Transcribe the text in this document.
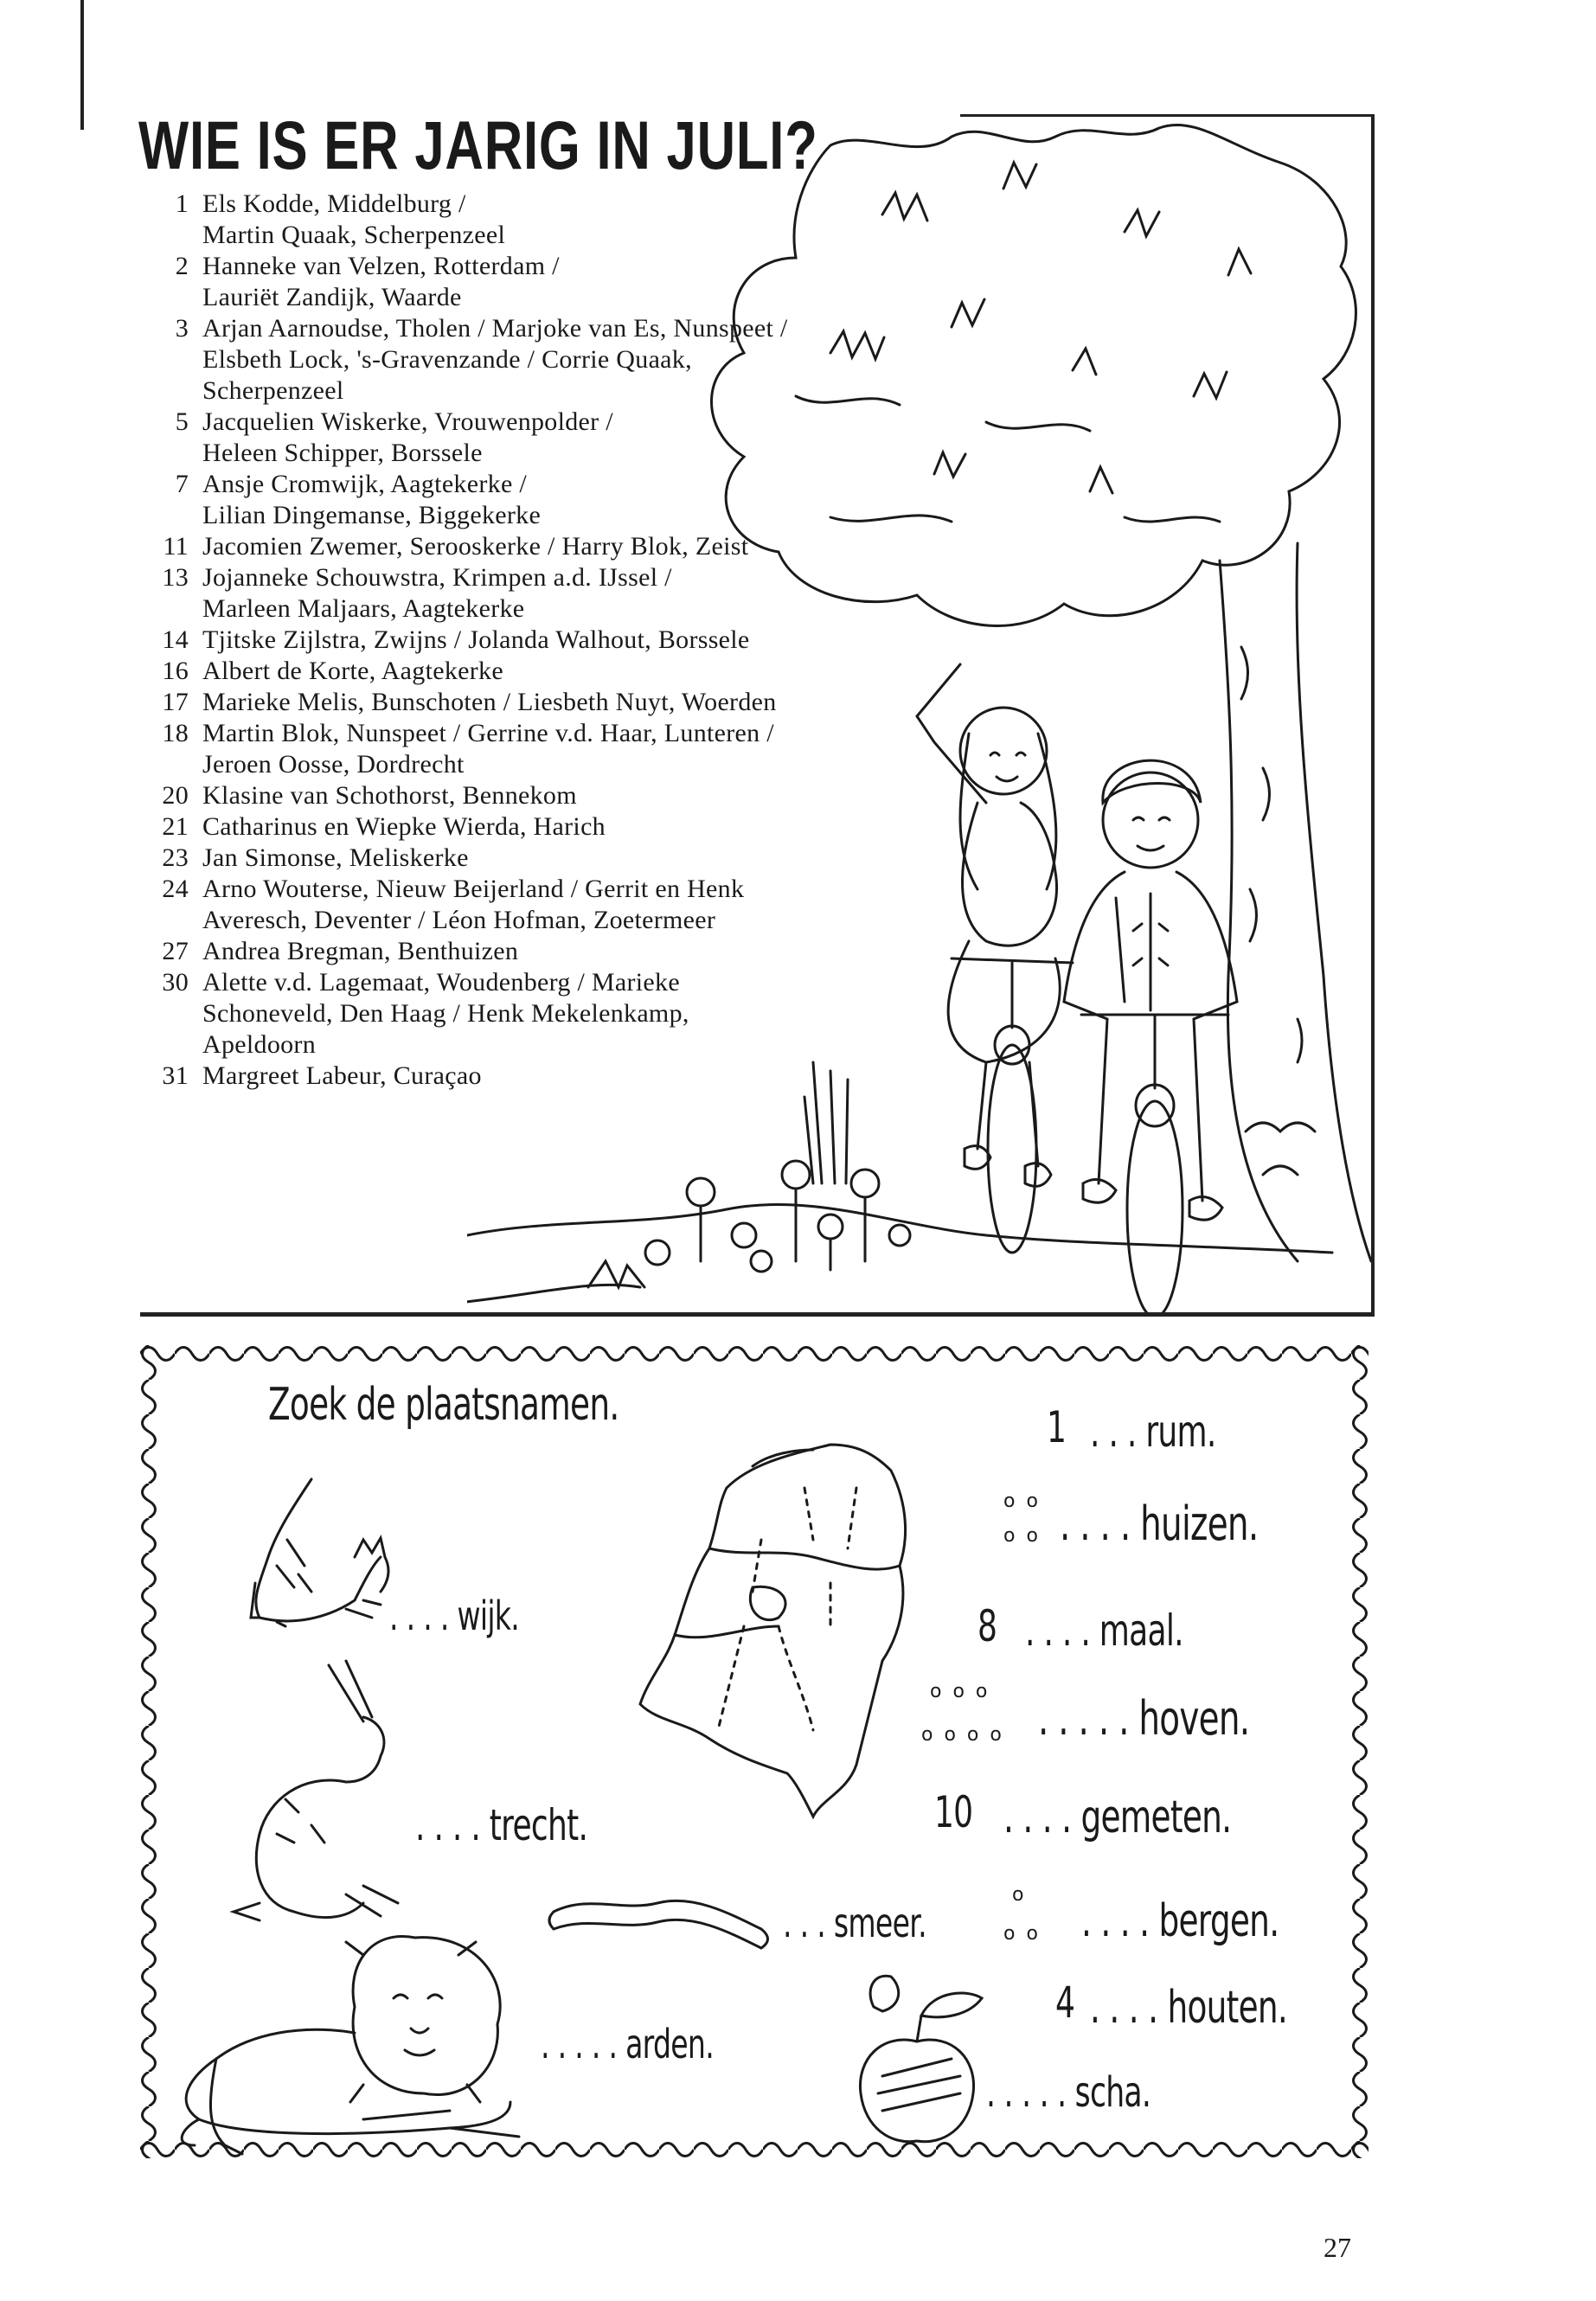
WIE IS ER JARIG IN JULI?
1 Els Kodde, Middelburg /
Martin Quaak, Scherpenzeel
2 Hanneke van Velzen, Rotterdam /
Lauriët Zandijk, Waarde
3 Arjan Aarnoudse, Tholen / Marjoke van Es, Nunspeet /
Elsbeth Lock, 's-Gravenzande / Corrie Quaak,
Scherpenzeel
5 Jacquelien Wiskerke, Vrouwenpolder /
Heleen Schipper, Borssele
7 Ansje Cromwijk, Aagtekerke /
Lilian Dingemanse, Biggekerke
11 Jacomien Zwemer, Serooskerke / Harry Blok, Zeist
13 Jojanneke Schouwstra, Krimpen a.d. IJssel /
Marleen Maljaars, Aagtekerke
14 Tjitske Zijlstra, Zwijns / Jolanda Walhout, Borssele
16 Albert de Korte, Aagtekerke
17 Marieke Melis, Bunschoten / Liesbeth Nuyt, Woerden
18 Martin Blok, Nunspeet / Gerrine v.d. Haar, Lunteren /
Jeroen Oosse, Dordrecht
20 Klasine van Schothorst, Bennekom
21 Catharinus en Wiepke Wierda, Harich
23 Jan Simonse, Meliskerke
24 Arno Wouterse, Nieuw Beijerland / Gerrit en Henk
Averesch, Deventer / Léon Hofman, Zoetermeer
27 Andrea Bregman, Benthuizen
30 Alette v.d. Lagemaat, Woudenberg / Marieke
Schoneveld, Den Haag / Henk Mekelenkamp,
Apeldoorn
31 Margreet Labeur, Curaçao
Zoek de plaatsnamen.
. . . . wijk.
. . . . trecht.
. . . smeer.
. . . . . arden.
. . . . . scha.
1 . . . rum.
o o
o o . . . . huizen.
8 . . . . maal.
o o o
o o o o . . . . . hoven.
10 . . . . gemeten.
o
o o . . . . bergen.
4 . . . . houten.
27
